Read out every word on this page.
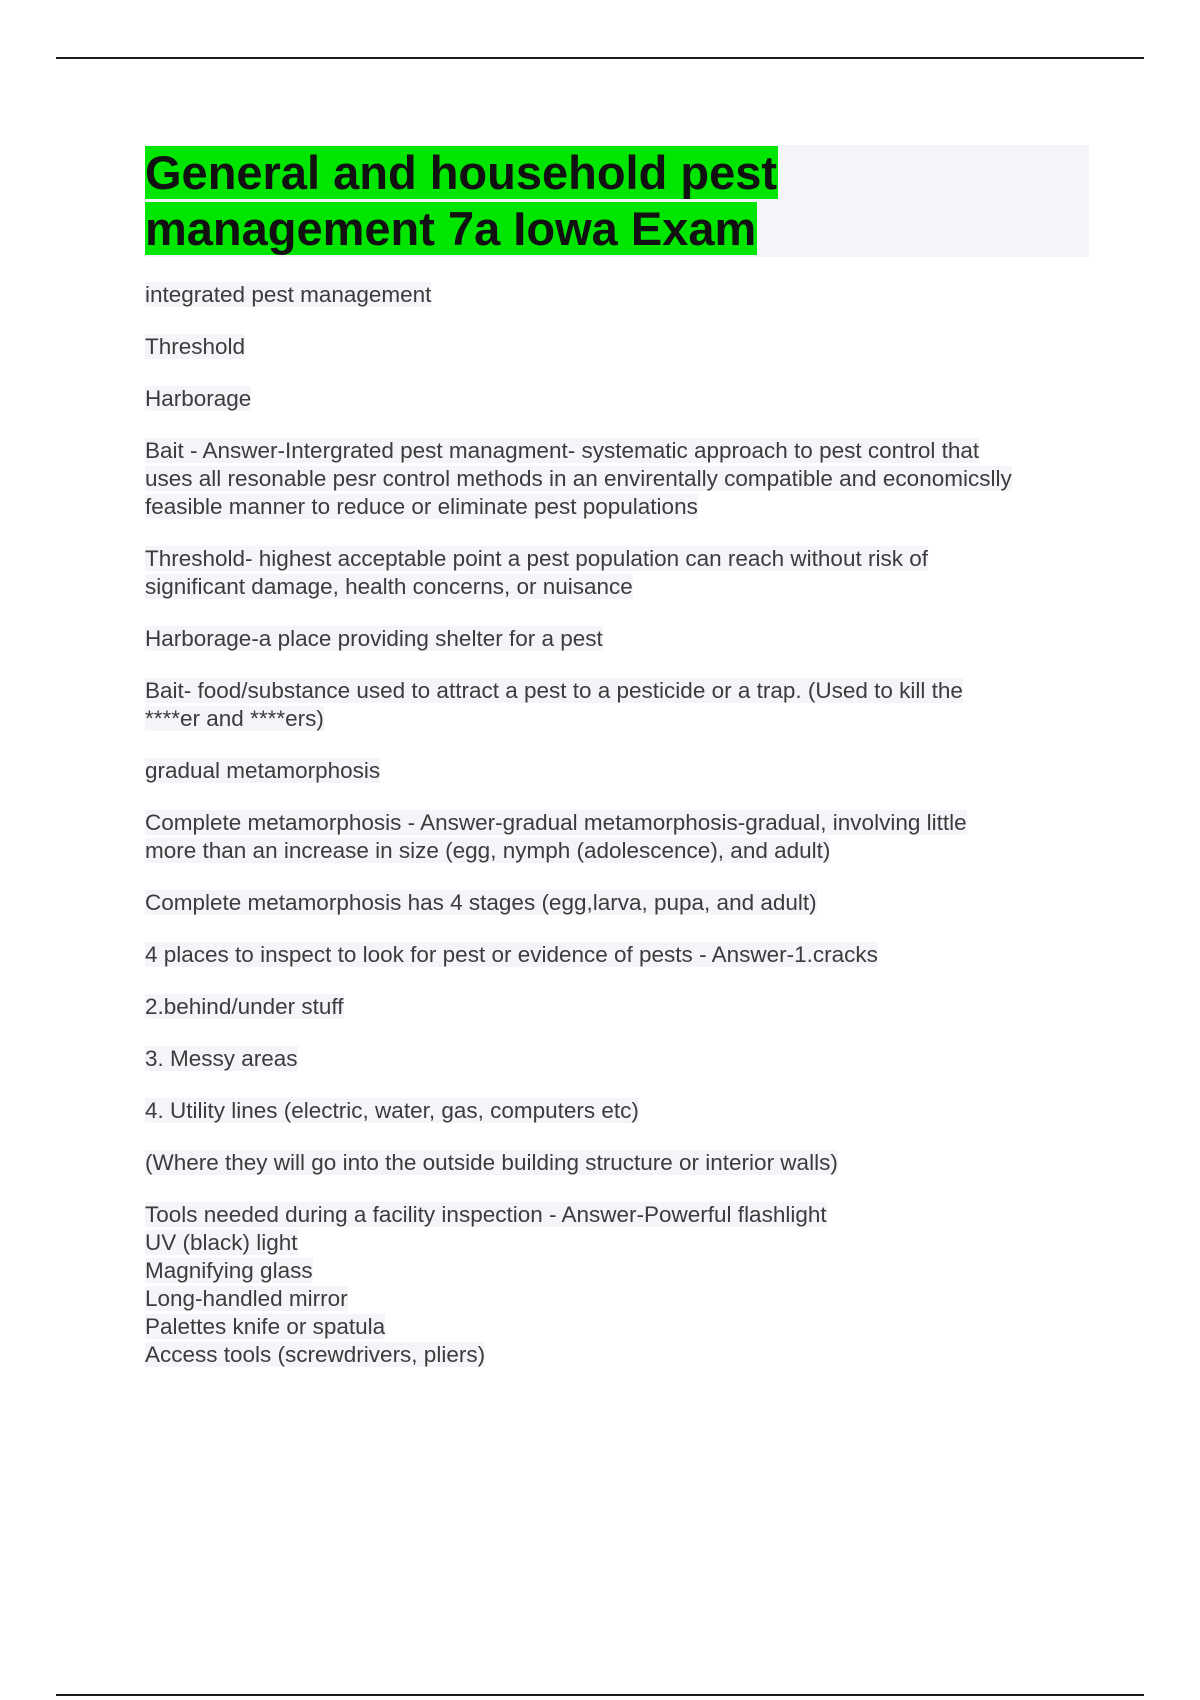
General and household pest
management 7a Iowa Exam

integrated pest management

Threshold

Harborage

Bait - Answer-Intergrated pest managment- systematic approach to pest control that
uses all resonable pesr control methods in an envirentally compatible and economicslly
feasible manner to reduce or eliminate pest populations

Threshold- highest acceptable point a pest population can reach without risk of
significant damage, health concerns, or nuisance

Harborage-a place providing shelter for a pest

Bait- food/substance used to attract a pest to a pesticide or a trap. (Used to kill the
****er and ****ers)

gradual metamorphosis

Complete metamorphosis - Answer-gradual metamorphosis-gradual, involving little
more than an increase in size (egg, nymph (adolescence), and adult)

Complete metamorphosis has 4 stages (egg,larva, pupa, and adult)

4 places to inspect to look for pest or evidence of pests - Answer-1.cracks

2.behind/under stuff

3. Messy areas

4. Utility lines (electric, water, gas, computers etc)

(Where they will go into the outside building structure or interior walls)

Tools needed during a facility inspection - Answer-Powerful flashlight
UV (black) light
Magnifying glass
Long-handled mirror
Palettes knife or spatula
Access tools (screwdrivers, pliers)
